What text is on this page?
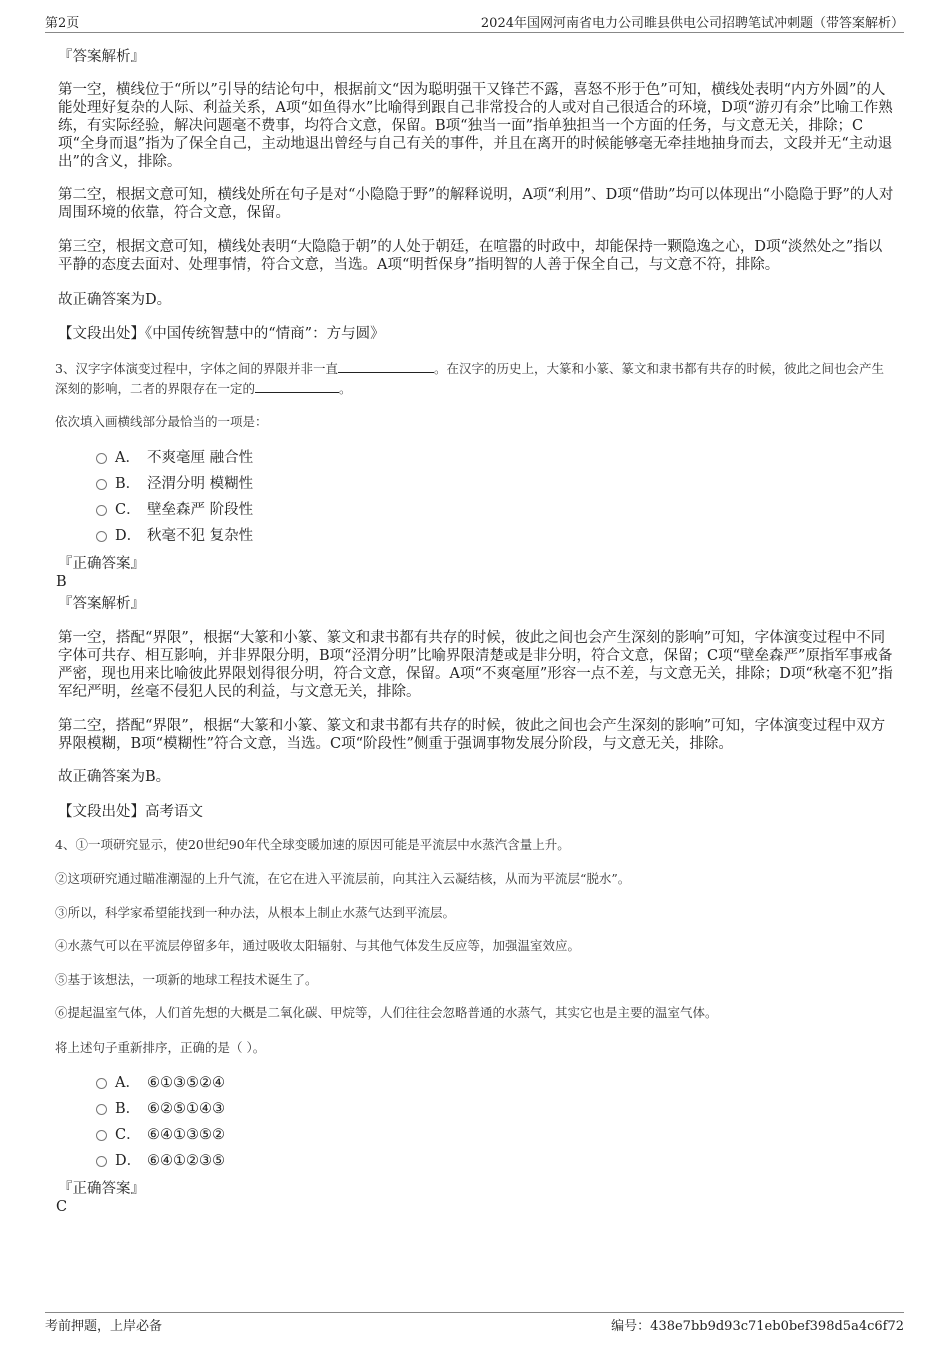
第2页	2024年国网河南省电力公司睢县供电公司招聘笔试冲刺题（带答案解析）
『答案解析』
第一空，横线位于“所以”引导的结论句中，根据前文“因为聪明强干又锋芒不露，喜怒不形于色”可知，横线处表明“内方外圆”的人能处理好复杂的人际、利益关系，A项“如鱼得水”比喻得到跟自己非常投合的人或对自己很适合的环境，D项“游刃有余”比喻工作熟练，有实际经验，解决问题毫不费事，均符合文意，保留。B项“独当一面”指单独担当一个方面的任务，与文意无关，排除；C项“全身而退”指为了保全自己，主动地退出曾经与自己有关的事件，并且在离开的时候能够毫无牵挂地抽身而去，文段并无“主动退出”的含义，排除。
第二空，根据文意可知，横线处所在句子是对“小隐隐于野”的解释说明，A项“利用”、D项“借助”均可以体现出“小隐隐于野”的人对周围环境的依靠，符合文意，保留。
第三空，根据文意可知，横线处表明“大隐隐于朝”的人处于朝廷，在喧嚣的时政中，却能保持一颗隐逸之心，D项“淡然处之”指以平静的态度去面对、处理事情，符合文意，当选。A项“明哲保身”指明智的人善于保全自己，与文意不符，排除。
故正确答案为D。
【文段出处】《中国传统智慧中的“情商”：方与圆》
3、汉字字体演变过程中，字体之间的界限并非一直	。在汉字的历史上，大篆和小篆、篆文和隶书都有共存的时候，彼此之间也会产生深刻的影响，二者的界限存在一定的	。
依次填入画横线部分最恰当的一项是：
A． 不爽毫厘 融合性
B． 泾渭分明 模糊性
C． 壁垒森严 阶段性
D． 秋毫不犯 复杂性
『正确答案』
B
『答案解析』
第一空，搭配“界限”，根据“大篆和小篆、篆文和隶书都有共存的时候，彼此之间也会产生深刻的影响”可知，字体演变过程中不同字体可共存、相互影响，并非界限分明，B项“泾渭分明”比喻界限清楚或是非分明，符合文意，保留；C项“壁垒森严”原指军事戒备严密，现也用来比喻彼此界限划得很分明，符合文意，保留。A项“不爽毫厘”形容一点不差，与文意无关，排除；D项“秋毫不犯”指军纪严明，丝毫不侵犯人民的利益，与文意无关，排除。
第二空，搭配“界限”，根据“大篆和小篆、篆文和隶书都有共存的时候，彼此之间也会产生深刻的影响”可知，字体演变过程中双方界限模糊，B项“模糊性”符合文意，当选。C项“阶段性”侧重于强调事物发展分阶段，与文意无关，排除。
故正确答案为B。
【文段出处】高考语文
4、①一项研究显示，使20世纪90年代全球变暖加速的原因可能是平流层中水蒸汽含量上升。
②这项研究通过瞄准潮湿的上升气流，在它在进入平流层前，向其注入云凝结核，从而为平流层“脱水”。
③所以，科学家希望能找到一种办法，从根本上制止水蒸气达到平流层。
④水蒸气可以在平流层停留多年，通过吸收太阳辐射、与其他气体发生反应等，加强温室效应。
⑤基于该想法，一项新的地球工程技术诞生了。
⑥提起温室气体，人们首先想的大概是二氧化碳、甲烷等，人们往往会忽略普通的水蒸气，其实它也是主要的温室气体。
将上述句子重新排序，正确的是（ ）。
A． ⑥①③⑤②④
B． ⑥②⑤①④③
C． ⑥④①③⑤②
D． ⑥④①②③⑤
『正确答案』
C
考前押题，上岸必备	编号：438e7bb9d93c71eb0bef398d5a4c6f72
